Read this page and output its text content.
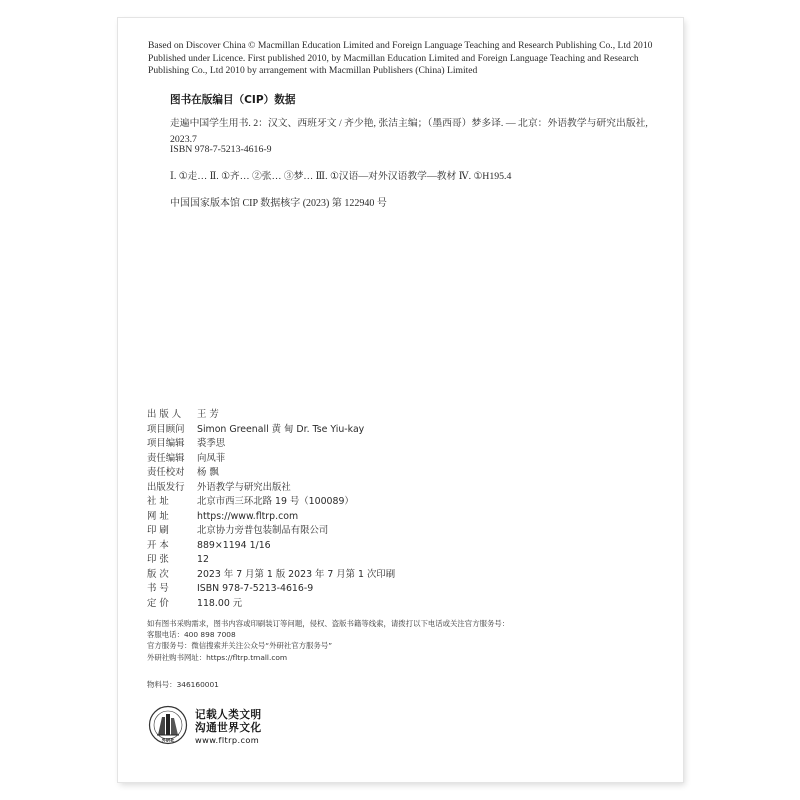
Based on Discover China © Macmillan Education Limited and Foreign Language Teaching and Research Publishing Co., Ltd 2010 Published under Licence. First published 2010, by Macmillan Education Limited and Foreign Language Teaching and Research Publishing Co., Ltd 2010 by arrangement with Macmillan Publishers (China) Limited
图书在版编目（CIP）数据
走遍中国学生用书. 2：汉文、西班牙文 / 齐少艳, 张洁主编；（墨西哥）梦多译. — 北京：外语教学与研究出版社, 2023.7
ISBN 978-7-5213-4616-9
Ⅰ. ①走… Ⅱ. ①齐… ②张… ③梦… Ⅲ. ①汉语—对外汉语教学—教材 Ⅳ. ①H195.4
中国国家版本馆 CIP 数据核字 (2023) 第 122940 号
出 版 人	王 芳
项目顾问	Simon Greenall 黄 甸 Dr. Tse Yiu-kay
项目编辑	裘季思
责任编辑	向凤菲
责任校对	杨 飘
出版发行	外语教学与研究出版社
社 址	北京市西三环北路 19 号（100089）
网 址	https://www.fltrp.com
印 刷	北京协力旁普包装制品有限公司
开 本	889×1194 1/16
印 张	12
版 次	2023 年 7 月第 1 版 2023 年 7 月第 1 次印刷
书 号	ISBN 978-7-5213-4616-9
定 价	118.00 元
如有图书采购需求，图书内容或印刷装订等问题，侵权、盗版书籍等线索，请拨打以下电话或关注官方服务号：
客服电话：400 898 7008
官方服务号：微信搜索并关注公众号“外研社官方服务号”
外研社购书网址：https://fltrp.tmall.com
物料号：346160001
外研社
记载人类文明
沟通世界文化
www.fltrp.com
